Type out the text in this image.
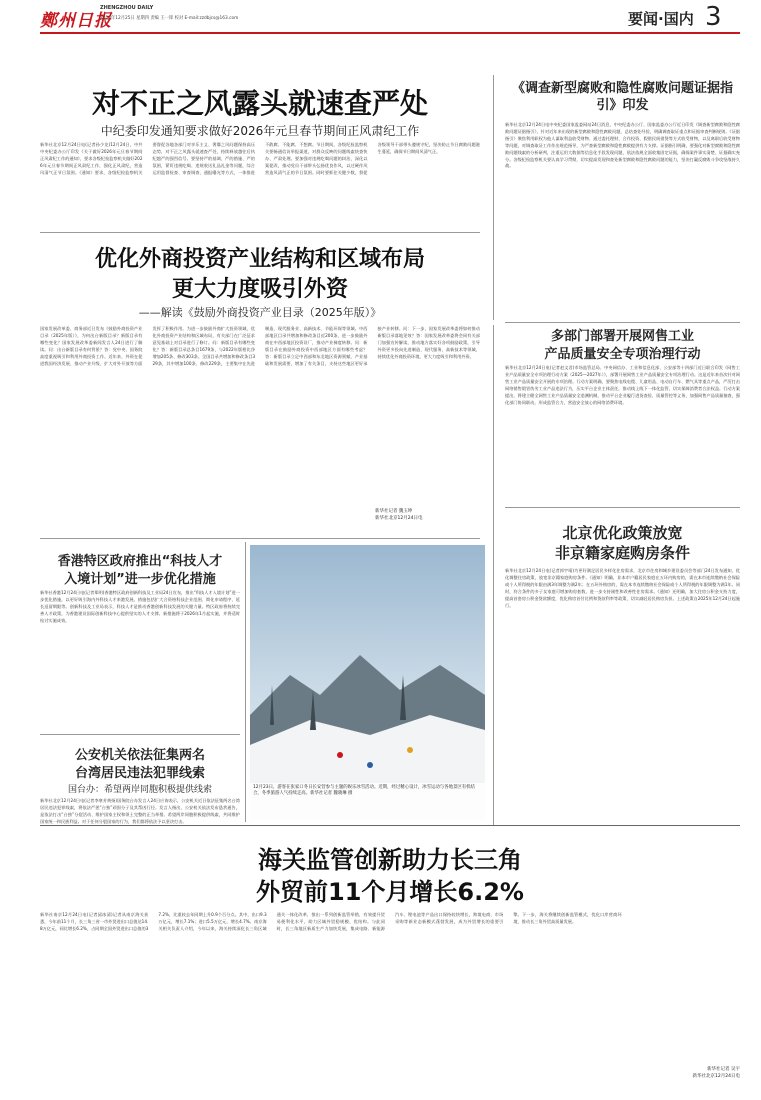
鄭州日报
ZHENGZHOU DAILY
2025年12月25日 星期四 责编 王一锋 校对 E-mail:zzdbjcs@163.com	要闻·国内 3
对不正之风露头就速查严处
中纪委印发通知要求做好2026年元旦春节期间正风肃纪工作
新华社北京12月24日电(记者孙少龙)12月24日，中共中央纪委办公厅印发《关于做好2026年元旦春节期间正风肃纪工作的通知》，要求各级纪检监察机关做好2026年元旦春节期间正风肃纪工作，强化正风肃纪，营造风清气正节日氛围。《通知》要求，各级纪检监察机关要督促各地各部门对享乐主义、奢靡之风问题保持高压态势，对不正之风露头就速查严处，持续释放越往后执纪越严的强烈信号。要坚持严的基调、严的措施、严的氛围，紧盯违规吃喝、违规收送礼品礼金等问题，综合运用监督检查、审查调查、通报曝光等方式，一体推进不敢腐、不能腐、不想腐。节日期间，各级纪检监察机关要畅通信访举报渠道，对群众反映的问题线索快查快办、严肃处理。要加强对违规吃喝问题的纠治，深化以案促改，推动党员干部带头弘扬优良作风，以过硬作风营造风清气正的节日氛围。同时要抓住关键少数，督促各级领导干部带头遵规守纪，坚决防止节日腐败问题滋生蔓延，确保节日期间风清气正。
《调查新型腐败和隐性腐败问题证据指引》印发
新华社北京12月24日电中央纪委国家监委网站24日消息，中央纪委办公厅、国家监委办公厅近日印发《调查新型腐败和隐性腐败问题证据指引》，针对近年来出现的新型腐败和隐性腐败问题，总结查处经验，明确调查取证重点和证据审查判断规则。《证据指引》聚焦利用职权为他人谋取利益收受财物、通过委托理财、合作投资、假借民间借贷等方式收受财物，以及离职后收受财物等问题，对调查取证工作作出规范指导，为严查新型腐败和隐性腐败提供有力支撑。证据指引明确，要强化对新型腐败和隐性腐败问题线索的分析研判，注重运用大数据等信息化手段发现问题，依法依规全面收集固定证据，确保案件事实清楚、证据确实充分。各级纪检监察机关要认真学习贯彻，切实提高发现和查处新型腐败和隐性腐败问题的能力，坚决打赢反腐败斗争攻坚战持久战。
优化外商投资产业结构和区域布局
更大力度吸引外资
——解读《鼓励外商投资产业目录（2025年版）》
国家发展改革委、商务部近日发布《鼓励外商投资产业目录（2025年版）》，为何出台新版目录？新版目录有哪些变化？国家发展改革委新闻发言人24日进行了解读。问：出台新版目录有何背景？答：党中央、国务院高度重视吸引和利用外商投资工作。近年来，外资在促进我国经济发展、推动产业升级、扩大对外开放等方面发挥了积极作用。为进一步鼓励外商扩大投资领域，优化外商投资产业结构和区域布局，有关部门在广泛征求意见基础上对目录进行了修订。问：新版目录有哪些变化？答：新版目录总条目1679条，与2022年版相比净增加205条、修改303条。全国目录共增加和修改条目329条，其中增加100条、修改229条，主要集中在先进制造、现代服务业、高新技术、节能环保等领域。中西部地区目录共增加和修改条目近200条，进一步鼓励外商在中西部地区投资设厂，推动产业梯度转移。问：新版目录在鼓励外商投资中西部地区方面有哪些考虑？答：新版目录立足中西部和东北地区资源禀赋、产业基础和发展需要，增加了有关条目，支持这些地区更好承接产业转移。问：下一步，国家发展改革委将如何推动新版目录落地见效？答：国家发展改革委将会同有关部门加强宣传解读，推动地方落实好各项鼓励政策，引导外资更多投向先进制造、现代服务、高新技术等领域，持续优化外商投资环境，更大力度吸引和利用外资。
新华社记者 魏玉坤
新华社北京12月24日电
多部门部署开展网售工业
产品质量安全专项治理行动
新华社北京12月24日电(记者赵文君)市场监管总局、中央网信办、工业和信息化部、公安部等十四部门近日联合印发《网售工业产品质量安全专项治理行动方案（2025—2027年）》，部署开展网售工业产品质量安全专项治理行动。这是近年来首次针对网售工业产品质量安全开展的专项治理。行动方案明确，要聚焦电线电缆、儿童用品、电动自行车、燃气具等重点产品，严厉打击网络销售假冒伪劣工业产品违法行为，压实平台企业主体责任，推动线上线下一体化监管，切实保障消费者合法权益。行动方案提出，将建立健全网售工业产品质量安全追溯机制，推动平台企业履行进货查验、质量管控等义务，加强网售产品质量抽查，强化部门协同联动，形成监管合力，营造安全放心的网络消费环境。
北京优化政策放宽
非京籍家庭购房条件
新华社北京12月24日电(记者郭宇靖)为更好满足居民多样化住房需求，北京市住房和城乡建设委员会等部门24日发布通知，优化调整住房政策，放宽非京籍家庭购房条件。《通知》明确，非本市户籍居民家庭在五环内购房的，需在本市连续缴纳社会保险或个人所得税的年限由满3年调整为满2年；在五环外购房的，需在本市连续缴纳社会保险或个人所得税的年限调整为满1年。同时，符合条件的多子女家庭可增加购房套数，进一步支持刚性和改善性住房需求。《通知》还明确，加大住房公积金支持力度，提高首套房公积金贷款额度，优化购房首付比例和贷款利率等政策，切实减轻居民购房负担。上述政策自2025年12月24日起施行。
香港特区政府推出“科技人才
入境计划”进一步优化措施
新华社香港12月24日电(记者郑明)香港特区政府创新科技及工业局24日宣布，推出“科技人才入境计划”进一步优化措施，以更好吸引海内外科技人才来港发展。措施包括扩大合资格科技企业范围、简化申请程序、延长逗留期限等。创新科技及工业局表示，科技人才是推动香港创新科技发展的关键力量。特区政府将持续完善人才政策，为香港建设国际创新科技中心提供坚实的人才支撑。新措施将于2026年1月起实施，并将适时检讨实施成效。
公安机关依法征集两名
台湾居民违法犯罪线索
国台办：希望两岸同胞积极提供线索
新华社北京12月24日电(记者李寒芳黄扬)国务院台办发言人24日应询表示，公安机关近日依法征集两名台湾居民违法犯罪线索，将依法严惩“台独”顽固分子及其帮凶行径。发言人指出，公安机关依法发布悬赏通告，是依法打击“台独”分裂活动、维护国家主权和领土完整的正当举措。希望两岸同胞积极提供线索，共同维护国家统一和民族利益。对于任何分裂国家的行为，我们都将依法予以坚决打击。
12月23日，游客在张家口冬日长安营参与主题的娱乐冰雪活动。近期，经过精心设计，冰雪运动与各地景区有机结合，冬季旅游人气持续走高。新华社记者 魏晓琳 摄
海关监管创新助力长三角
外贸前11个月增长6.2%
新华社南京12月24日电(记者邱冰清)记者从南京海关获悉，今年前11个月，长三角三省一市外贸进出口总值达14.8万亿元，同比增长6.2%，占同期全国外贸进出口总值的37.2%，比重较去年同期上升0.9个百分点。其中，出口9.3万亿元，增长7.1%；进口5.5万亿元，增长4.7%。南京海关相关负责人介绍，今年以来，海关持续深化长三角区域通关一体化改革，推出一系列创新监管举措，有效提升贸易便利化水平，助力区域外贸稳规模、优结构。与此同时，长三角地区新质生产力加快发展，集成电路、新能源汽车、锂电池等产品出口保持较快增长，跨境电商、市场采购等新业态新模式蓬勃发展，成为外贸增长的重要引擎。下一步，海关将继续创新监管模式，优化口岸营商环境，推动长三角外贸高质量发展。
新华社记者 吴宇
新华社北京12月24日电
